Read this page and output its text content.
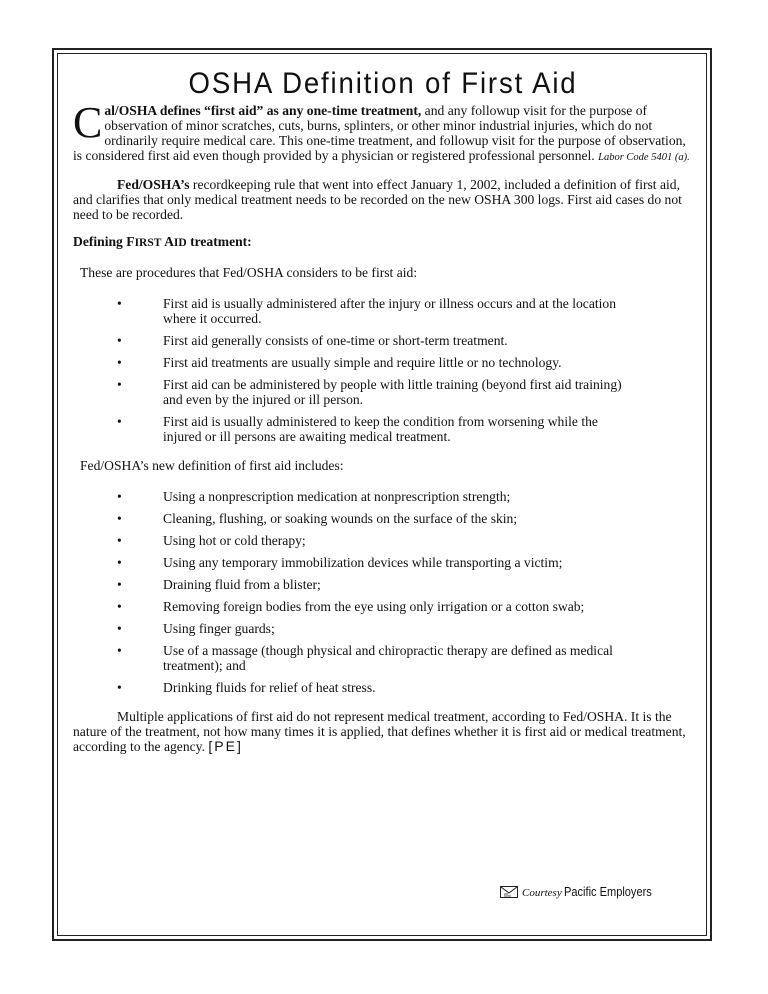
OSHA Definition of First Aid

Cal/OSHA defines “first aid” as any one-time treatment, and any followup visit for the purpose of observation of minor scratches, cuts, burns, splinters, or other minor industrial injuries, which do not ordinarily require medical care. This one-time treatment, and followup visit for the purpose of observation, is considered first aid even though provided by a physician or registered professional personnel. Labor Code 5401 (a).

Fed/OSHA’s recordkeeping rule that went into effect January 1, 2002, included a definition of first aid, and clarifies that only medical treatment needs to be recorded on the new OSHA 300 logs. First aid cases do not need to be recorded.

Defining FIRST AID treatment:

These are procedures that Fed/OSHA considers to be first aid:

•	First aid is usually administered after the injury or illness occurs and at the location where it occurred.
•	First aid generally consists of one-time or short-term treatment.
•	First aid treatments are usually simple and require little or no technology.
•	First aid can be administered by people with little training (beyond first aid training) and even by the injured or ill person.
•	First aid is usually administered to keep the condition from worsening while the injured or ill persons are awaiting medical treatment.

Fed/OSHA’s new definition of first aid includes:

•	Using a nonprescription medication at nonprescription strength;
•	Cleaning, flushing, or soaking wounds on the surface of the skin;
•	Using hot or cold therapy;
•	Using any temporary immobilization devices while transporting a victim;
•	Draining fluid from a blister;
•	Removing foreign bodies from the eye using only irrigation or a cotton swab;
•	Using finger guards;
•	Use of a massage (though physical and chiropractic therapy are defined as medical treatment); and
•	Drinking fluids for relief of heat stress.

Multiple applications of first aid do not represent medical treatment, according to Fed/OSHA. It is the nature of the treatment, not how many times it is applied, that defines whether it is first aid or medical treatment, according to the agency. [PE]

Courtesy Pacific Employers
